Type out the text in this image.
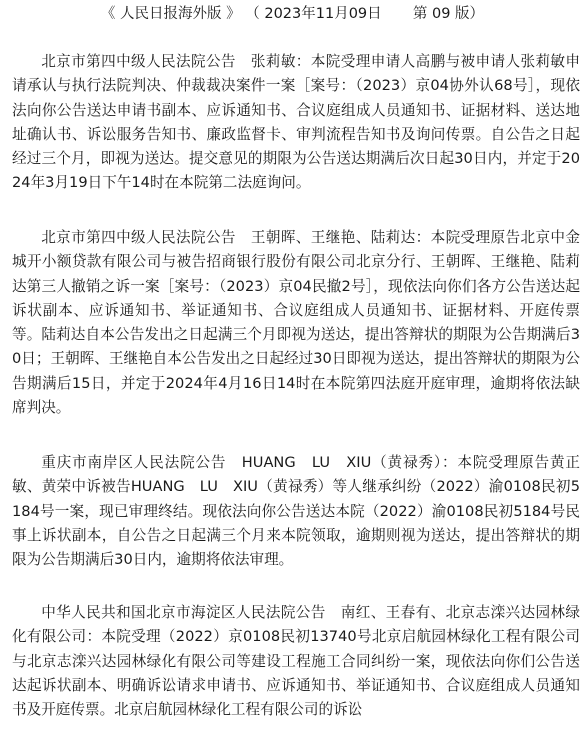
《 人民日报海外版 》 （ 2023年11月09日 第 09 版）

北京市第四中级人民法院公告　张莉敏：本院受理申请人高鹏与被申请人张莉敏申请承认与执行法院判决、仲裁裁决案件一案［案号：（2023）京04协外认68号］，现依法向你公告送达申请书副本、应诉通知书、合议庭组成人员通知书、证据材料、送达地址确认书、诉讼服务告知书、廉政监督卡、审判流程告知书及询问传票。自公告之日起经过三个月，即视为送达。提交意见的期限为公告送达期满后次日起30日内，并定于2024年3月19日下午14时在本院第二法庭询问。

北京市第四中级人民法院公告　王朝晖、王继艳、陆莉达：本院受理原告北京中金城开小额贷款有限公司与被告招商银行股份有限公司北京分行、王朝晖、王继艳、陆莉达第三人撤销之诉一案［案号：（2023）京04民撤2号］，现依法向你们各方公告送达起诉状副本、应诉通知书、举证通知书、合议庭组成人员通知书、证据材料、开庭传票等。陆莉达自本公告发出之日起满三个月即视为送达，提出答辩状的期限为公告期满后30日；王朝晖、王继艳自本公告发出之日起经过30日即视为送达，提出答辩状的期限为公告期满后15日，并定于2024年4月16日14时在本院第四法庭开庭审理，逾期将依法缺席判决。

重庆市南岸区人民法院公告　HUANG　LU　XIU（黄禄秀）：本院受理原告黄正敏、黄荣中诉被告HUANG　LU　XIU（黄禄秀）等人继承纠纷（2022）渝0108民初5184号一案，现已审理终结。现依法向你公告送达本院（2022）渝0108民初5184号民事上诉状副本，自公告之日起满三个月来本院领取，逾期则视为送达，提出答辩状的期限为公告期满后30日内，逾期将依法审理。

中华人民共和国北京市海淀区人民法院公告　南红、王春有、北京志滦兴达园林绿化有限公司：本院受理（2022）京0108民初13740号北京启航园林绿化工程有限公司与北京志滦兴达园林绿化有限公司等建设工程施工合同纠纷一案，现依法向你们公告送达起诉状副本、明确诉讼请求申请书、应诉通知书、举证通知书、合议庭组成人员通知书及开庭传票。北京启航园林绿化工程有限公司的诉讼
